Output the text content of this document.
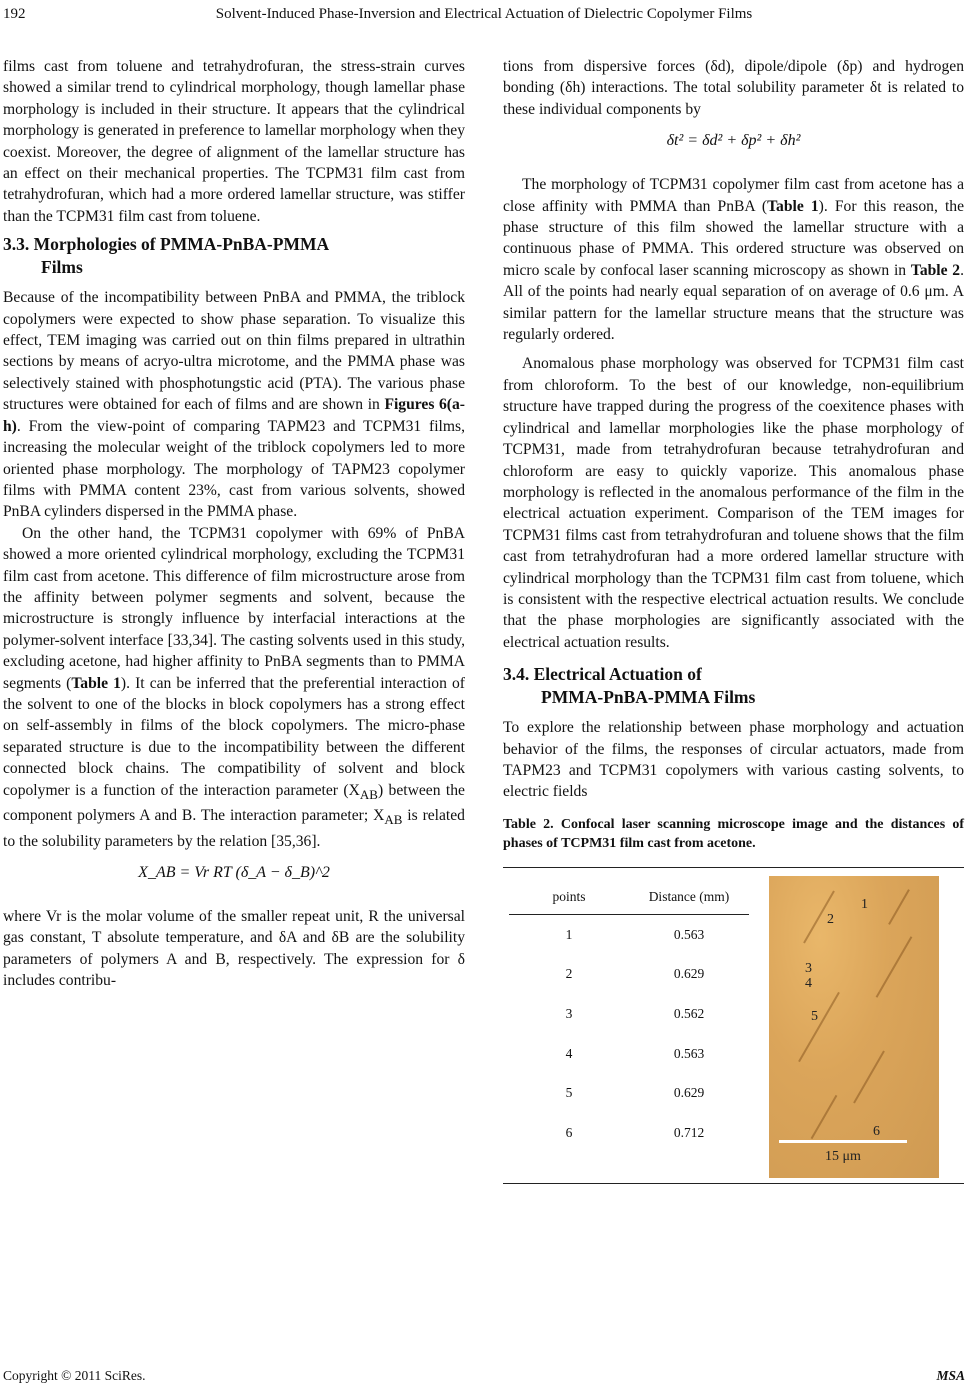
192	Solvent-Induced Phase-Inversion and Electrical Actuation of Dielectric Copolymer Films

films cast from toluene and tetrahydrofuran, the stress-strain curves showed a similar trend to cylindrical morphology, though lamellar phase morphology is included in their structure. It appears that the cylindrical morphology is generated in preference to lamellar morphology when they coexist. Moreover, the degree of alignment of the lamellar structure has an effect on their mechanical properties. The TCPM31 film cast from tetrahydrofuran, which had a more ordered lamellar structure, was stiffer than the TCPM31 film cast from toluene.

3.3. Morphologies of PMMA-PnBA-PMMA
Films

Because of the incompatibility between PnBA and PMMA, the triblock copolymers were expected to show phase separation. To visualize this effect, TEM imaging was carried out on thin films prepared in ultrathin sections by means of acryo-ultra microtome, and the PMMA phase was selectively stained with phosphotungstic acid (PTA). The various phase structures were obtained for each of films and are shown in Figures 6(a-h). From the view-point of comparing TAPM23 and TCPM31 films, increasing the molecular weight of the triblock copolymers led to more oriented phase morphology. The morphology of TAPM23 copolymer films with PMMA content 23%, cast from various solvents, showed PnBA cylinders dispersed in the PMMA phase.

On the other hand, the TCPM31 copolymer with 69% of PnBA showed a more oriented cylindrical morphology, excluding the TCPM31 film cast from acetone. This difference of film microstructure arose from the affinity between polymer segments and solvent, because the microstructure is strongly influence by interfacial interactions at the polymer-solvent interface [33,34]. The casting solvents used in this study, excluding acetone, had higher affinity to PnBA segments than to PMMA segments (Table 1). It can be inferred that the preferential interaction of the solvent to one of the blocks in block copolymers has a strong effect on self-assembly in films of the block copolymers. The micro-phase separated structure is due to the incompatibility between the different connected block chains. The compatibility of solvent and block copolymer is a function of the interaction parameter $(X_{AB})$ between the component polymers A and B. The interaction parameter; $X_{AB}$ is related to the solubility parameters by the relation [35,36].

X_AB = Vr RT (δ_A − δ_B)^2

where Vr is the molar volume of the smaller repeat unit, R the universal gas constant, T absolute temperature, and δA and δB are the solubility parameters of polymers A and B, respectively. The expression for δ includes contribu-

tions from dispersive forces (δd), dipole/dipole (δp) and hydrogen bonding (δh) interactions. The total solubility parameter δt is related to these individual components by

δt² = δd² + δp² + δh²

The morphology of TCPM31 copolymer film cast from acetone has a close affinity with PMMA than PnBA (Table 1). For this reason, the phase structure of this film showed the lamellar structure with a continuous phase of PMMA. This ordered structure was observed on micro scale by confocal laser scanning microscopy as shown in Table 2. All of the points had nearly equal separation of on average of 0.6 μm. A similar pattern for the lamellar structure means that the structure was regularly ordered.

Anomalous phase morphology was observed for TCPM31 film cast from chloroform. To the best of our knowledge, non-equilibrium structure have trapped during the progress of the coexitence phases with cylindrical and lamellar morphologies like the phase morphology of TCPM31, made from tetrahydrofuran because tetrahydrofuran and chloroform are easy to quickly vaporize. This anomalous phase morphology is reflected in the anomalous performance of the film in the electrical actuation experiment. Comparison of the TEM images for TCPM31 films cast from tetrahydrofuran and toluene shows that the film cast from tetrahydrofuran had a more ordered lamellar structure with cylindrical morphology than the TCPM31 film cast from toluene, which is consistent with the respective electrical actuation results. We conclude that the phase morphologies are significantly associated with the electrical actuation results.

3.4. Electrical Actuation of
PMMA-PnBA-PMMA Films

To explore the relationship between phase morphology and actuation behavior of the films, the responses of circular actuators, made from TAPM23 and TCPM31 copolymers with various casting solvents, to electric fields

Table 2. Confocal laser scanning microscope image and the distances of phases of TCPM31 film cast from acetone.
points	Distance (mm)
1	0.563
2	0.629
3	0.562
4	0.563
5	0.629
6	0.712
1
2
3
4
5
6
15 μm
Copyright © 2011 SciRes.	MSA
